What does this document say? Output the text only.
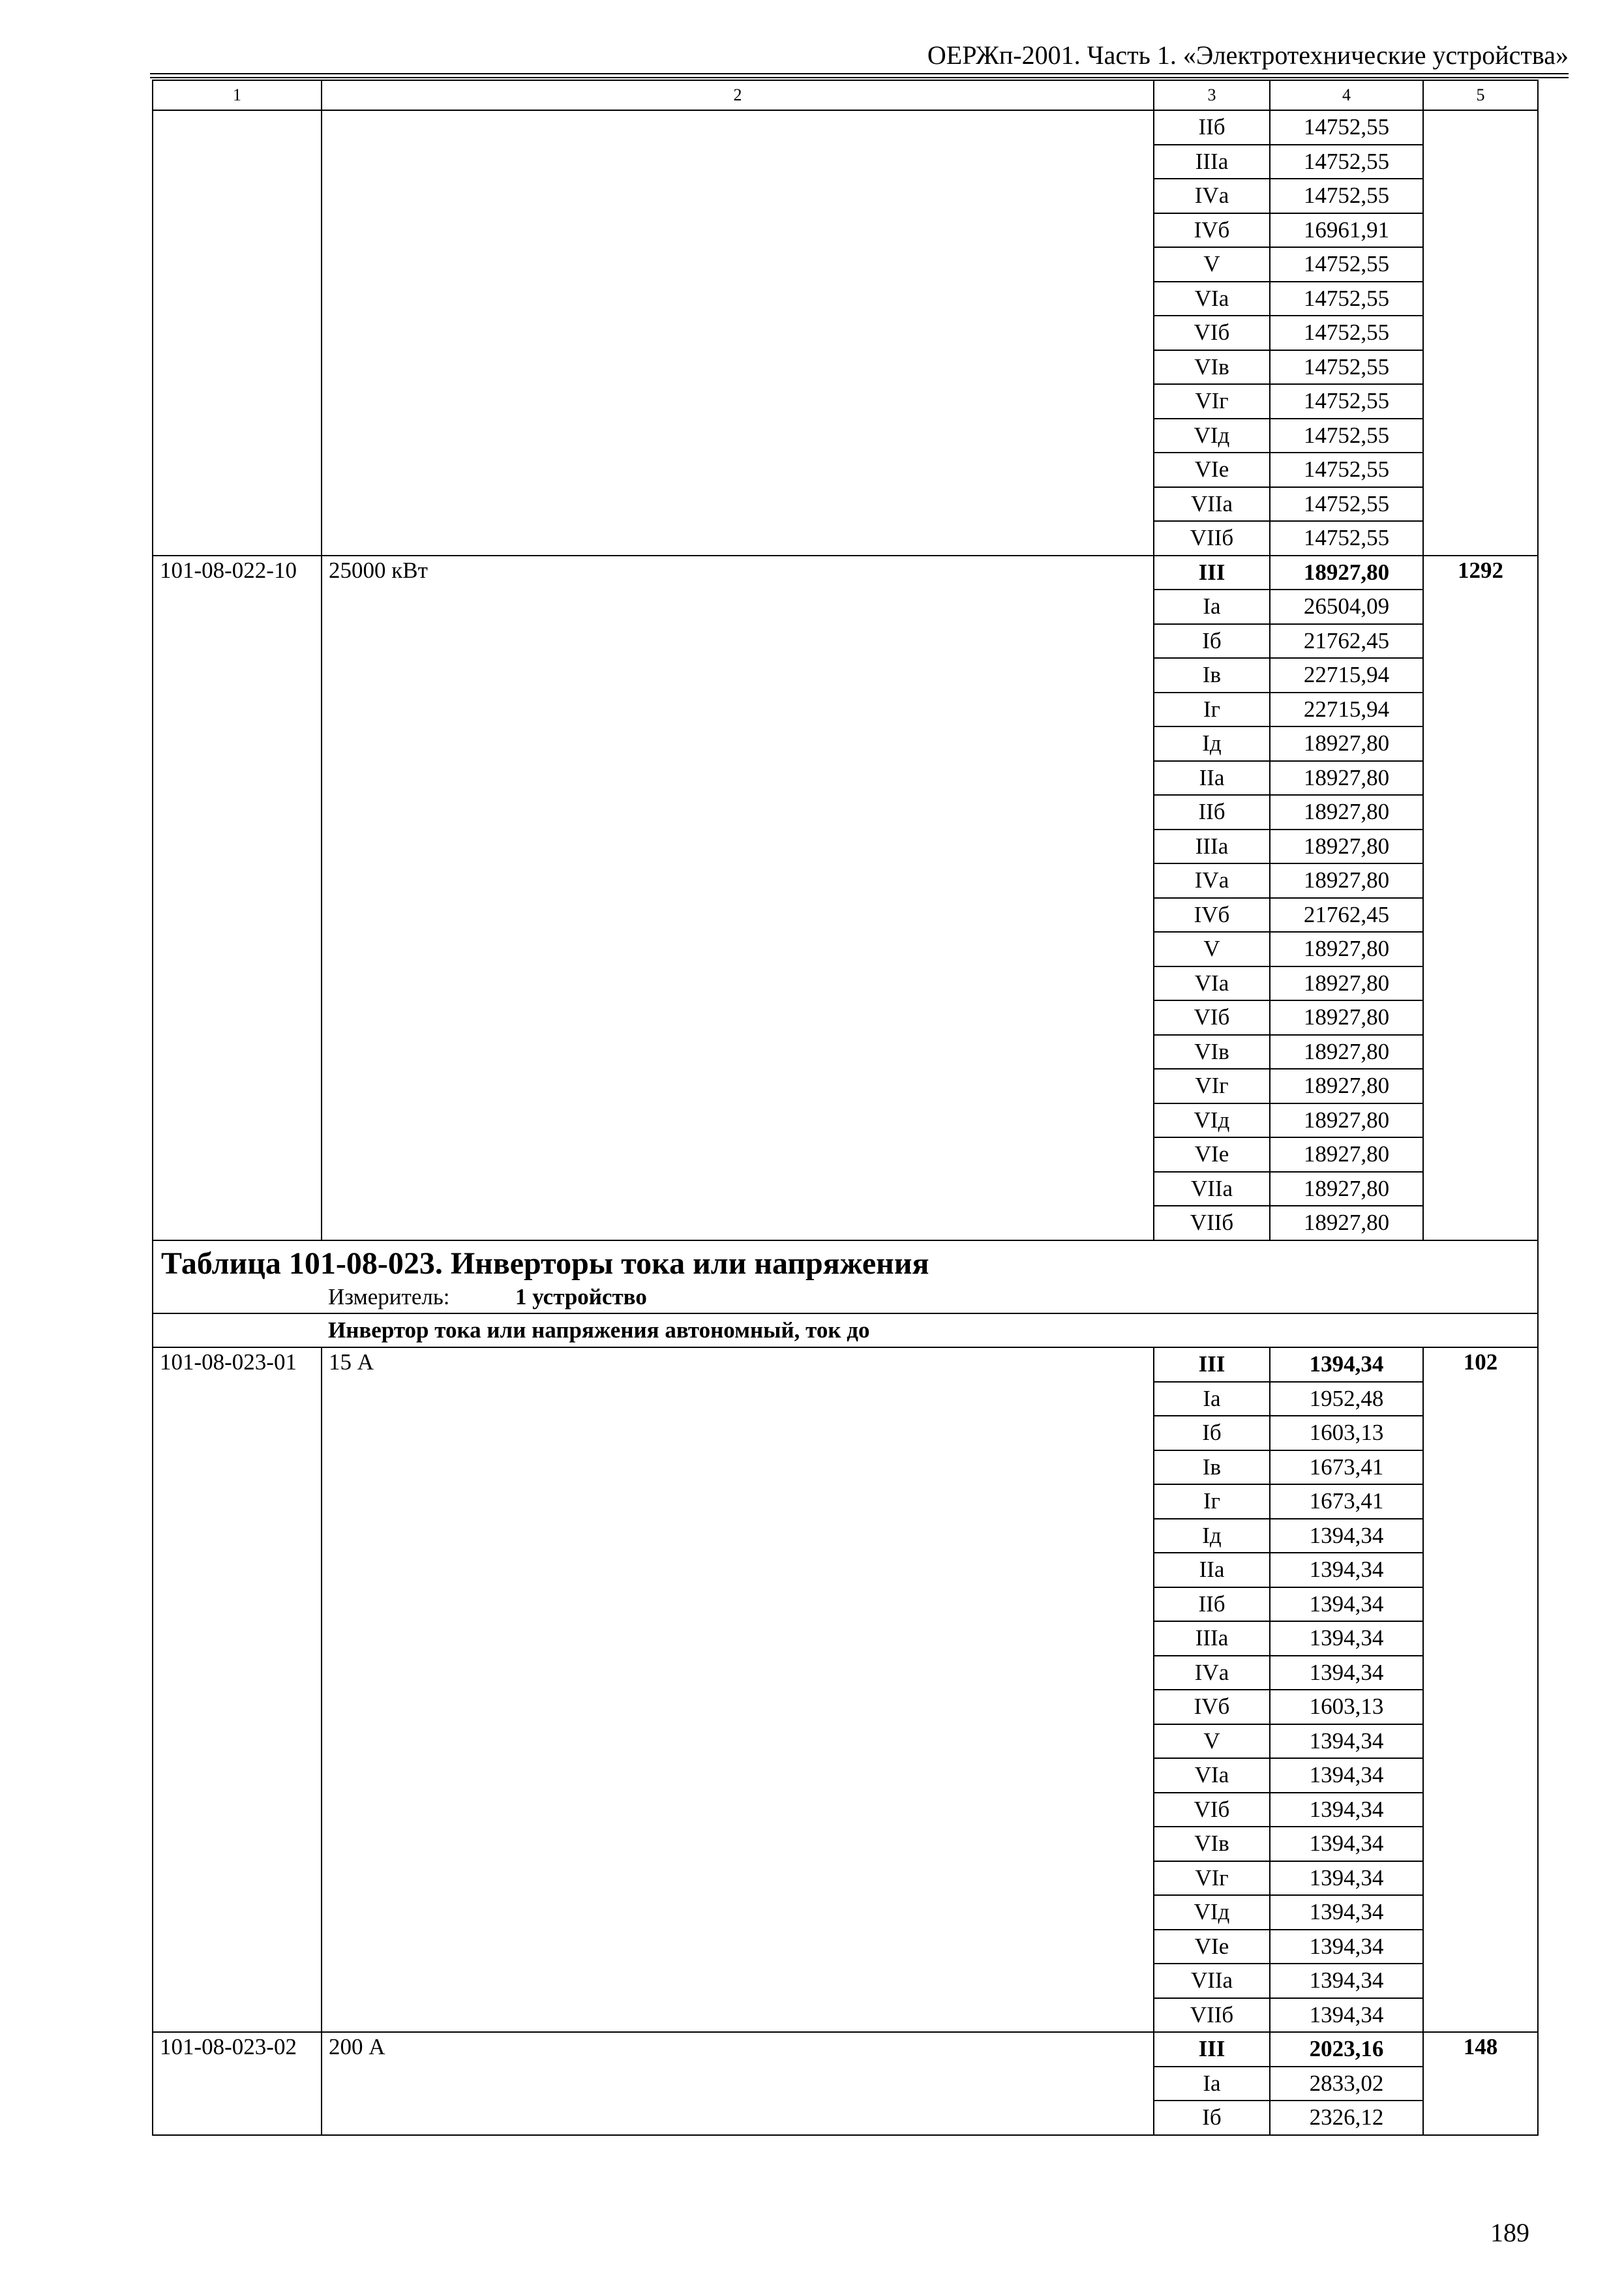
ОЕРЖп-2001. Часть 1. «Электротехнические устройства»
1	2	3	4	5
		IIб	14752,55	
		IIIа	14752,55	
		IVа	14752,55	
		IVб	16961,91	
		V	14752,55	
		VIа	14752,55	
		VIб	14752,55	
		VIв	14752,55	
		VIг	14752,55	
		VIд	14752,55	
		VIе	14752,55	
		VIIа	14752,55	
		VIIб	14752,55	
101-08-022-10	25000 кВт	III	18927,80	1292
		Iа	26504,09	
		Iб	21762,45	
		Iв	22715,94	
		Iг	22715,94	
		Iд	18927,80	
		IIа	18927,80	
		IIб	18927,80	
		IIIа	18927,80	
		IVа	18927,80	
		IVб	21762,45	
		V	18927,80	
		VIа	18927,80	
		VIб	18927,80	
		VIв	18927,80	
		VIг	18927,80	
		VIд	18927,80	
		VIе	18927,80	
		VIIа	18927,80	
		VIIб	18927,80	

Таблица 101-08-023. Инверторы тока или напряжения
Измеритель: 1 устройство				

Инвертор тока или напряжения автономный, ток до				
101-08-023-01	15 А	III	1394,34	102
		Iа	1952,48	
		Iб	1603,13	
		Iв	1673,41	
		Iг	1673,41	
		Iд	1394,34	
		IIа	1394,34	
		IIб	1394,34	
		IIIа	1394,34	
		IVа	1394,34	
		IVб	1603,13	
		V	1394,34	
		VIа	1394,34	
		VIб	1394,34	
		VIв	1394,34	
		VIг	1394,34	
		VIд	1394,34	
		VIе	1394,34	
		VIIа	1394,34	
		VIIб	1394,34	
101-08-023-02	200 А	III	2023,16	148
		Iа	2833,02	
		Iб	2326,12	
189
